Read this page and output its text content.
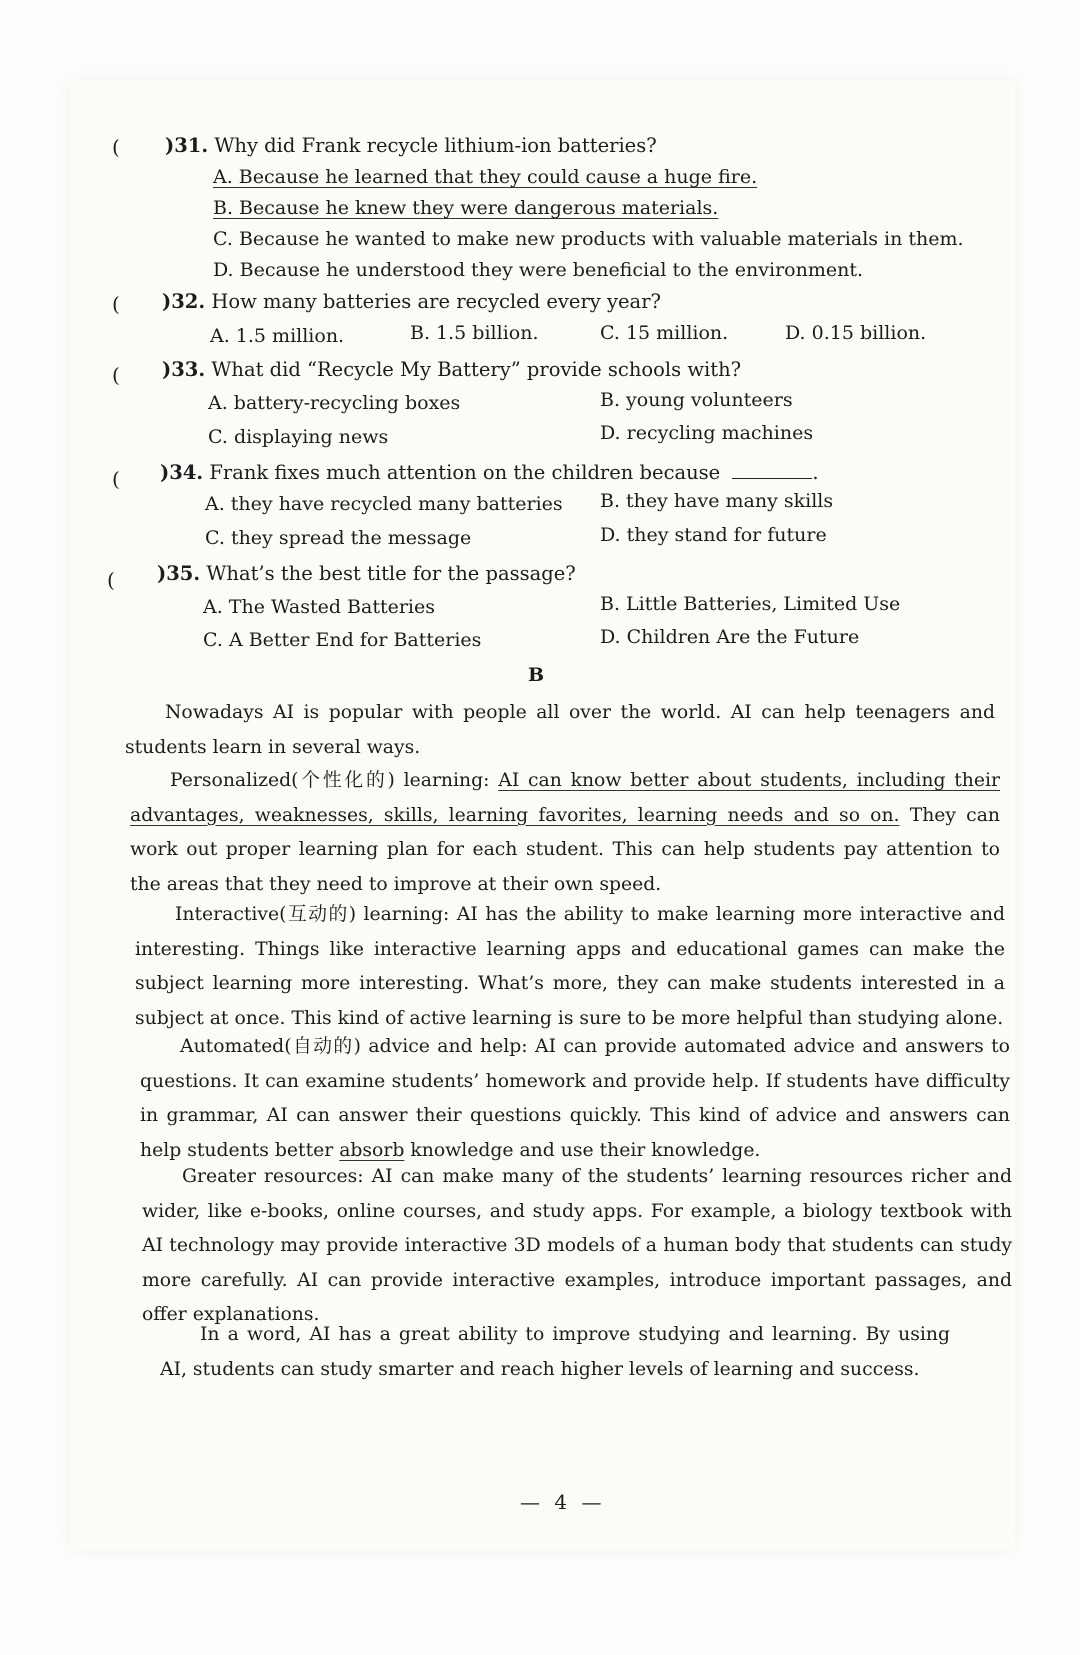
( )31. Why did Frank recycle lithium-ion batteries?
A. Because he learned that they could cause a huge fire.
B. Because he knew they were dangerous materials.
C. Because he wanted to make new products with valuable materials in them.
D. Because he understood they were beneficial to the environment.
( )32. How many batteries are recycled every year?
A. 1.5 million.	B. 1.5 billion.	C. 15 million.	D. 0.15 billion.
( )33. What did “Recycle My Battery” provide schools with?
A. battery-recycling boxes	B. young volunteers
C. displaying news	D. recycling machines
( )34. Frank fixes much attention on the children because	.
A. they have recycled many batteries B. they have many skills
C. they spread the message	D. they stand for future
( )35. What’s the best title for the passage?
A. The Wasted Batteries	B. Little Batteries, Limited Use
C. A Better End for Batteries	D. Children Are the Future
B
Nowadays AI is popular with people all over the world. AI can help teenagers and students learn in several ways.
Personalized(个性化的) learning: AI can know better about students, including their advantages, weaknesses, skills, learning favorites, learning needs and so on. They can work out proper learning plan for each student. This can help students pay attention to the areas that they need to improve at their own speed.
Interactive(互动的) learning: AI has the ability to make learning more interactive and interesting. Things like interactive learning apps and educational games can make the subject learning more interesting. What’s more, they can make students interested in a subject at once. This kind of active learning is sure to be more helpful than studying alone.
Automated(自动的) advice and help: AI can provide automated advice and answers to questions. It can examine students’ homework and provide help. If students have difficulty in grammar, AI can answer their questions quickly. This kind of advice and answers can help students better absorb knowledge and use their knowledge.
Greater resources: AI can make many of the students’ learning resources richer and wider, like e-books, online courses, and study apps. For example, a biology textbook with AI technology may provide interactive 3D models of a human body that students can study more carefully. AI can provide interactive examples, introduce important passages, and offer explanations.
In a word, AI has a great ability to improve studying and learning. By using AI, students can study smarter and reach higher levels of learning and success.
— 4 —
